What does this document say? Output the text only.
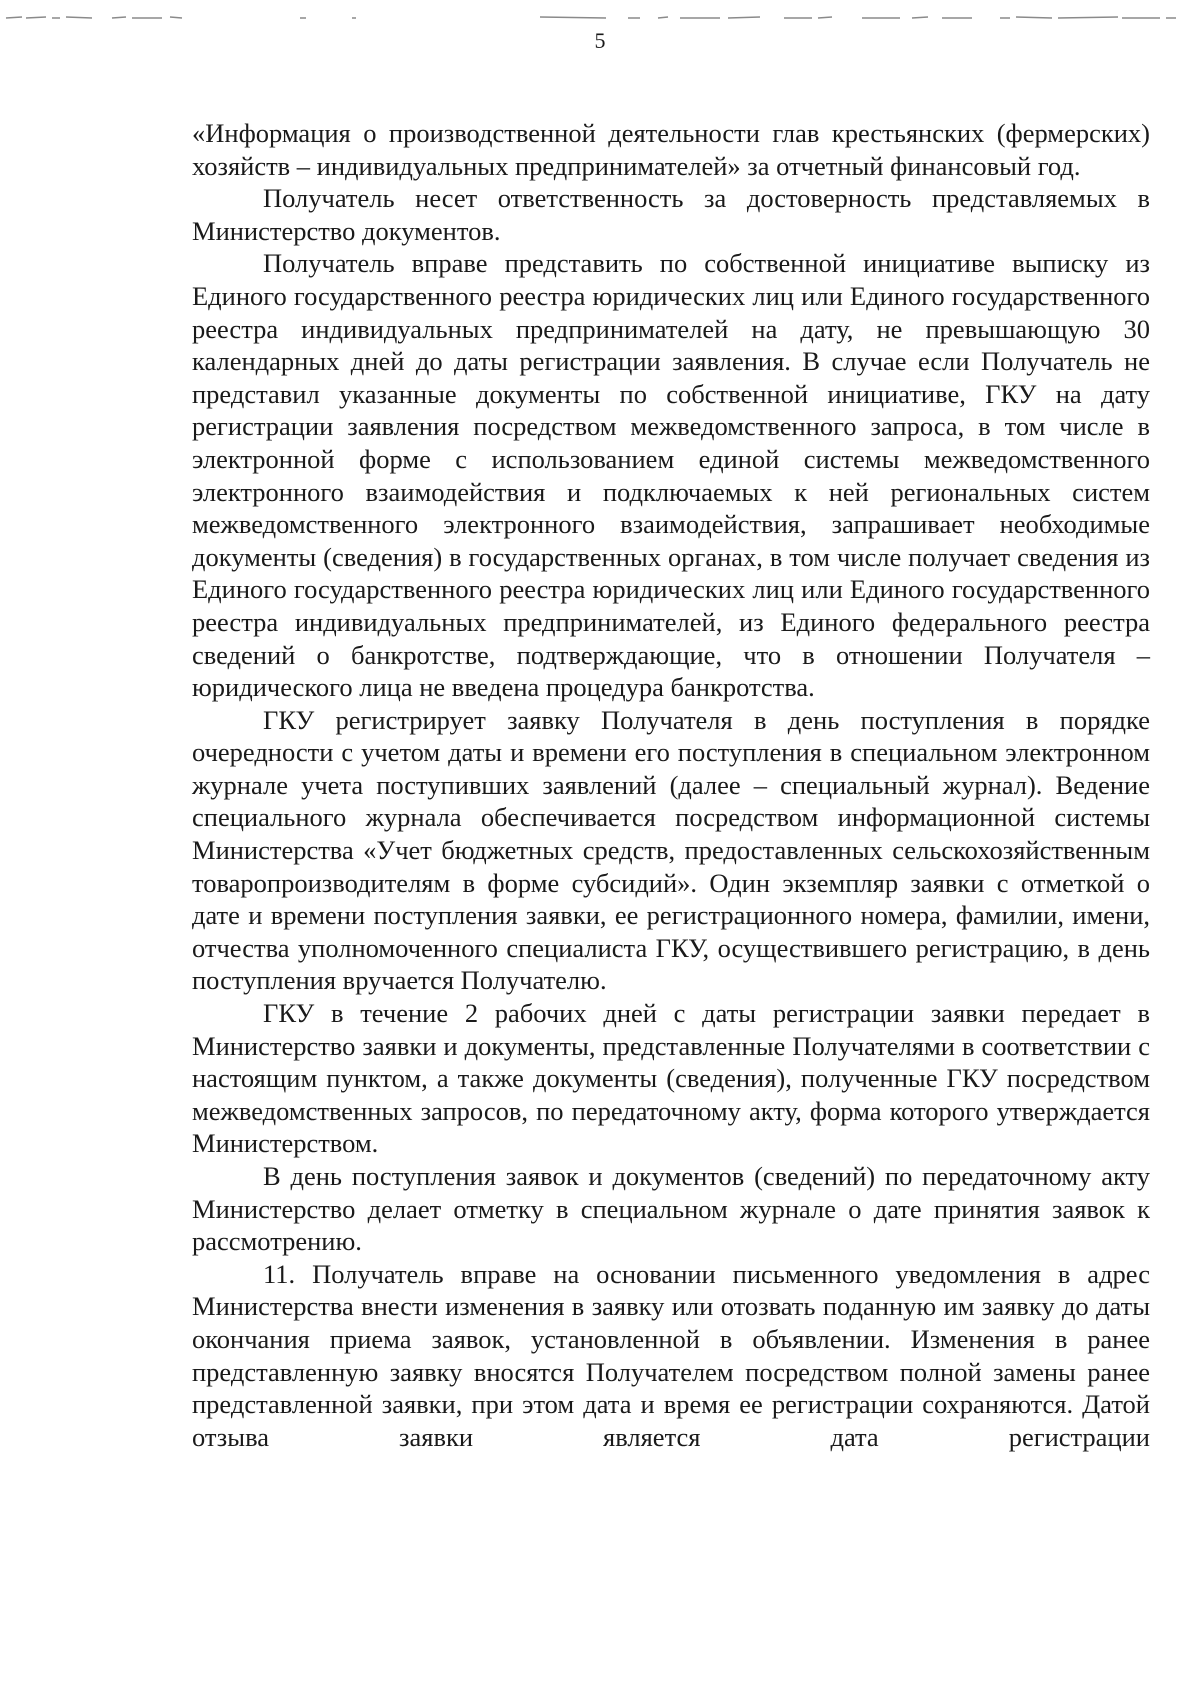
5

«Информация о производственной деятельности глав крестьянских (фермерских) хозяйств – индивидуальных предпринимателей» за отчетный финансовый год.

Получатель несет ответственность за достоверность представляемых в Министерство документов.

Получатель вправе представить по собственной инициативе выписку из Единого государственного реестра юридических лиц или Единого государственного реестра индивидуальных предпринимателей на дату, не превышающую 30 календарных дней до даты регистрации заявления. В случае если Получатель не представил указанные документы по собственной инициативе, ГКУ на дату регистрации заявления посредством межведомственного запроса, в том числе в электронной форме с использованием единой системы межведомственного электронного взаимодействия и подключаемых к ней региональных систем межведомственного электронного взаимодействия, запрашивает необходимые документы (сведения) в государственных органах, в том числе получает сведения из Единого государственного реестра юридических лиц или Единого государственного реестра индивидуальных предпринимателей, из Единого федерального реестра сведений о банкротстве, подтверждающие, что в отношении Получателя – юридического лица не введена процедура банкротства.

ГКУ регистрирует заявку Получателя в день поступления в порядке очередности с учетом даты и времени его поступления в специальном электронном журнале учета поступивших заявлений (далее – специальный журнал). Ведение специального журнала обеспечивается посредством информационной системы Министерства «Учет бюджетных средств, предоставленных сельскохозяйственным товаропроизводителям в форме субсидий». Один экземпляр заявки с отметкой о дате и времени поступления заявки, ее регистрационного номера, фамилии, имени, отчества уполномоченного специалиста ГКУ, осуществившего регистрацию, в день поступления вручается Получателю.

ГКУ в течение 2 рабочих дней с даты регистрации заявки передает в Министерство заявки и документы, представленные Получателями в соответствии с настоящим пунктом, а также документы (сведения), полученные ГКУ посредством межведомственных запросов, по передаточному акту, форма которого утверждается Министерством.

В день поступления заявок и документов (сведений) по передаточному акту Министерство делает отметку в специальном журнале о дате принятия заявок к рассмотрению.

11. Получатель вправе на основании письменного уведомления в адрес Министерства внести изменения в заявку или отозвать поданную им заявку до даты окончания приема заявок, установленной в объявлении. Изменения в ранее представленную заявку вносятся Получателем посредством полной замены ранее представленной заявки, при этом дата и время ее регистрации сохраняются. Датой отзыва заявки является дата регистрации
